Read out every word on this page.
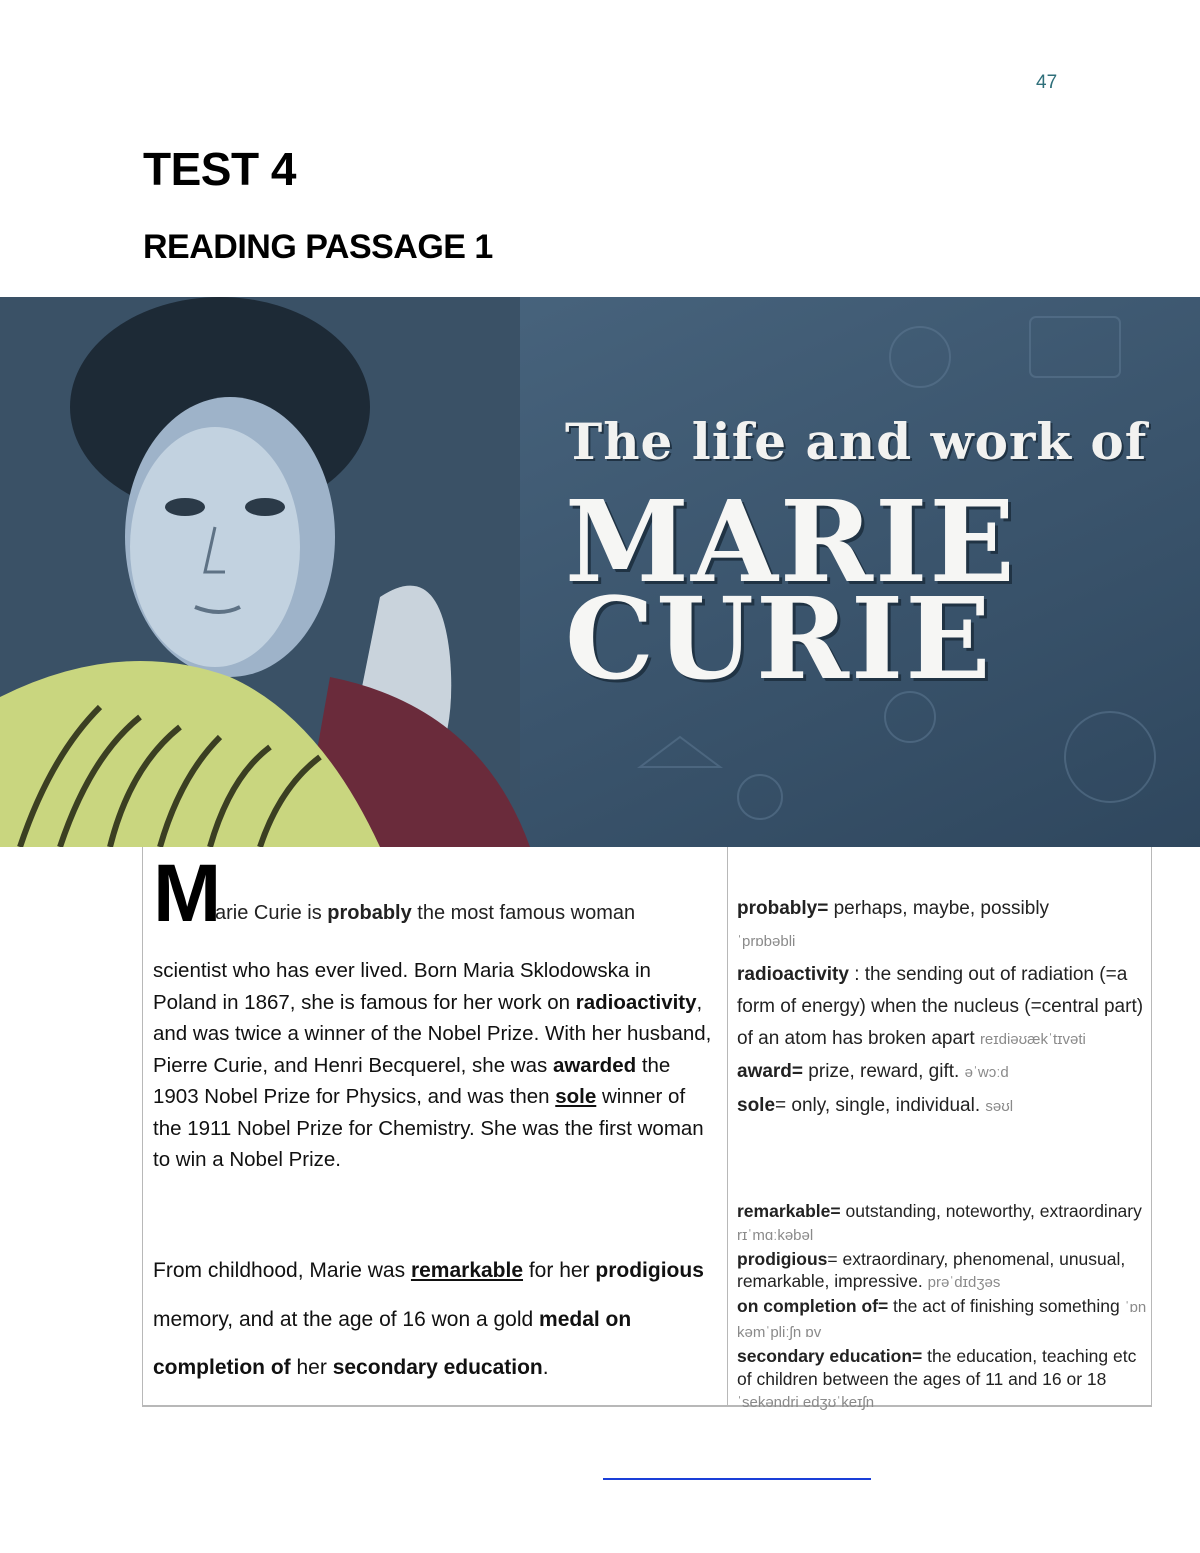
47
TEST 4
READING PASSAGE 1
The life and work of
MARIE
CURIE
M
arie Curie is probably the most famous woman
scientist who has ever lived. Born Maria Sklodowska in Poland in 1867, she is famous for her work on radioactivity, and was twice a winner of the Nobel Prize. With her husband, Pierre Curie, and Henri Becquerel, she was awarded the 1903 Nobel Prize for Physics, and was then sole winner of the 1911 Nobel Prize for Chemistry. She was the first woman to win a Nobel Prize.
From childhood, Marie was remarkable for her prodigious memory, and at the age of 16 won a gold medal on completion of her secondary education.
probably= perhaps, maybe, possibly
ˈprɒbəbli
radioactivity : the sending out of radiation (=a form of energy) when the nucleus (=central part) of an atom has broken apart reɪdiəʊækˈtɪvəti
award= prize, reward, gift. əˈwɔːd
sole= only, single, individual. səʊl
remarkable= outstanding, noteworthy, extraordinary rɪˈmɑːkəbəl
prodigious= extraordinary, phenomenal, unusual, remarkable, impressive. prəˈdɪdʒəs
on completion of= the act of finishing something ˈɒn kəmˈpliːʃn ɒv
secondary education= the education, teaching etc of children between the ages of 11 and 16 or 18 ˈsekəndri edʒʊˈkeɪʃn
